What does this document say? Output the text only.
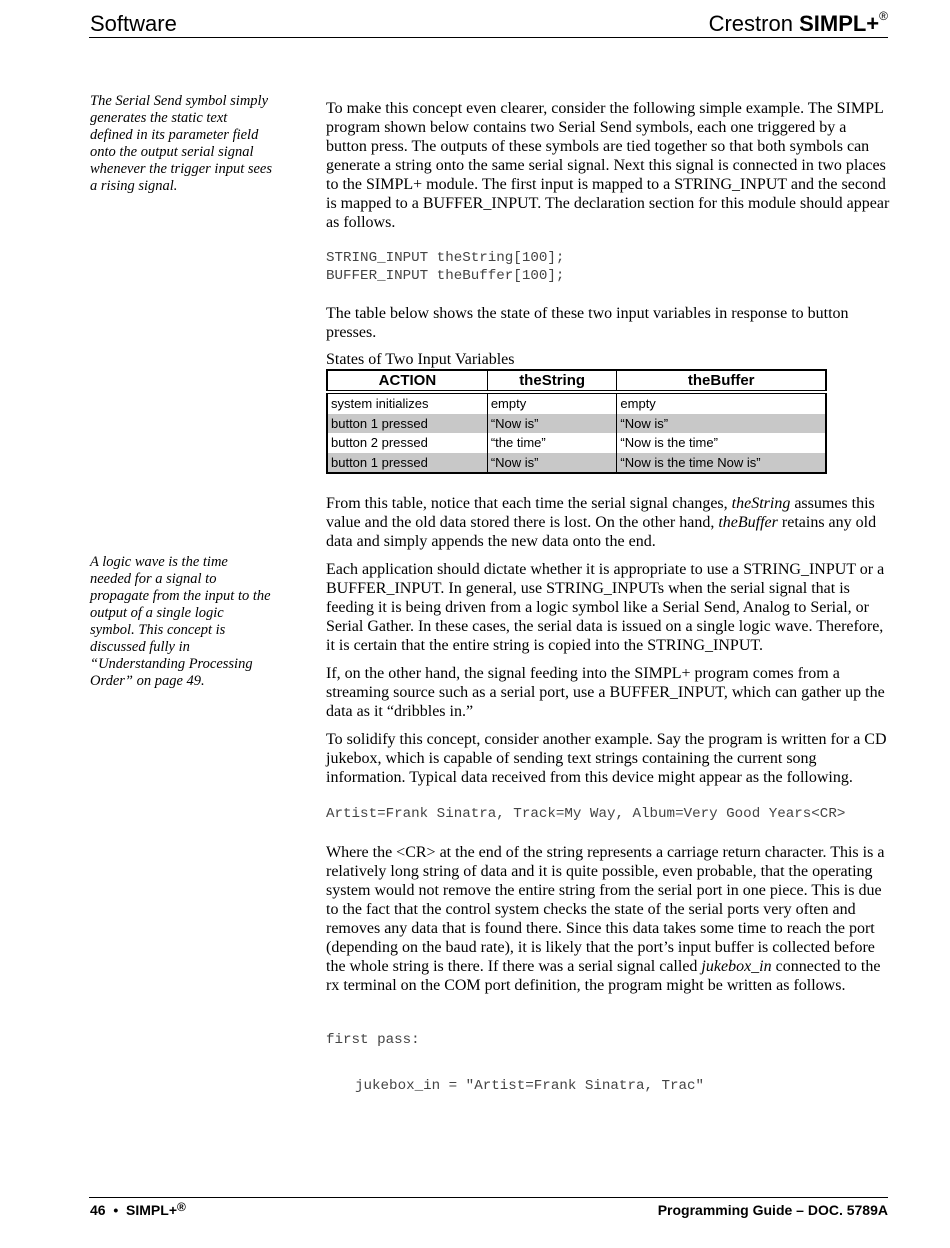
Software	Crestron SIMPL+®
The Serial Send symbol simply generates the static text defined in its parameter field onto the output serial signal whenever the trigger input sees a rising signal.
A logic wave is the time needed for a signal to propagate from the input to the output of a single logic symbol. This concept is discussed fully in “Understanding Processing Order” on page 49.

To make this concept even clearer, consider the following simple example. The SIMPL program shown below contains two Serial Send symbols, each one triggered by a button press. The outputs of these symbols are tied together so that both symbols can generate a string onto the same serial signal. Next this signal is connected in two places to the SIMPL+ module. The first input is mapped to a STRING_INPUT and the second is mapped to a BUFFER_INPUT. The declaration section for this module should appear as follows.

STRING_INPUT theString[100];
BUFFER_INPUT theBuffer[100];

The table below shows the state of these two input variables in response to button presses.

States of Two Input Variables
ACTION	theString	theBuffer
system initializes	empty	empty
button 1 pressed	“Now is”	“Now is”
button 2 pressed	“the time”	“Now is the time”
button 1 pressed	“Now is”	“Now is the time Now is”

From this table, notice that each time the serial signal changes, theString assumes this value and the old data stored there is lost. On the other hand, theBuffer retains any old data and simply appends the new data onto the end.

Each application should dictate whether it is appropriate to use a STRING_INPUT or a BUFFER_INPUT. In general, use STRING_INPUTs when the serial signal that is feeding it is being driven from a logic symbol like a Serial Send, Analog to Serial, or Serial Gather. In these cases, the serial data is issued on a single logic wave. Therefore, it is certain that the entire string is copied into the STRING_INPUT.

If, on the other hand, the signal feeding into the SIMPL+ program comes from a streaming source such as a serial port, use a BUFFER_INPUT, which can gather up the data as it “dribbles in.”

To solidify this concept, consider another example. Say the program is written for a CD jukebox, which is capable of sending text strings containing the current song information. Typical data received from this device might appear as the following.

Artist=Frank Sinatra, Track=My Way, Album=Very Good Years<CR>

Where the <CR> at the end of the string represents a carriage return character. This is a relatively long string of data and it is quite possible, even probable, that the operating system would not remove the entire string from the serial port in one piece. This is due to the fact that the control system checks the state of the serial ports very often and removes any data that is found there. Since this data takes some time to reach the port (depending on the baud rate), it is likely that the port’s input buffer is collected before the whole string is there. If there was a serial signal called jukebox_in connected to the rx terminal on the COM port definition, the program might be written as follows.

first pass:
jukebox_in = "Artist=Frank Sinatra, Trac"
46 • SIMPL+®	Programming Guide – DOC. 5789A
